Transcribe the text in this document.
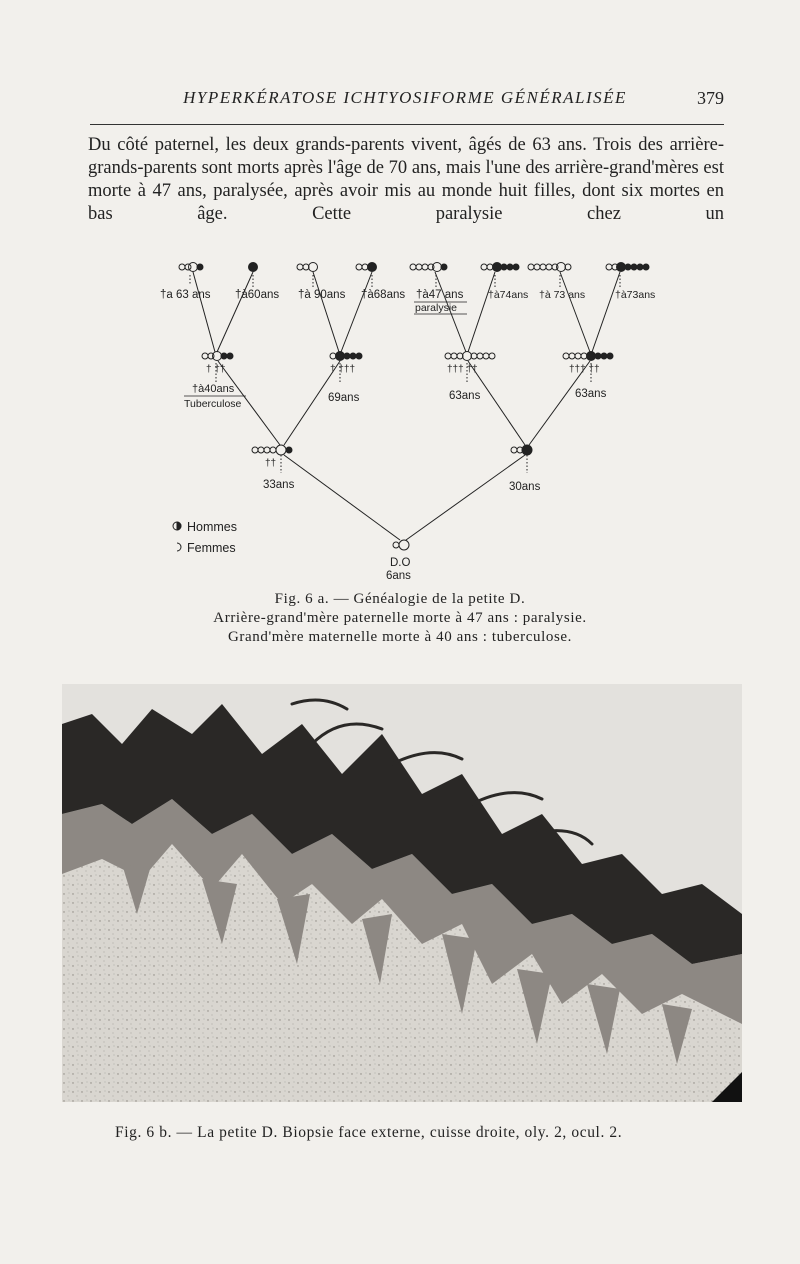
HYPERKÉRATOSE ICHTYOSIFORME GÉNÉRALISÉE	379

Du côté paternel, les deux grands-parents vivent, âgés de 63 ans. Trois des arrière-grands-parents sont morts après l'âge de 70 ans, mais l'une des arrière-grand'mères est morte à 47 ans, paralysée, après avoir mis au monde huit filles, dont six mortes en bas âge. Cette paralysie chez un

†a 63 ans †à60ans †à 90ans †à68ans †à47 ans
paralysie
†à74ans †à 73 ans	†à73ans
† ††
†à40ans
Tuberculose
† †††
69ans
††† ††
63ans
††† ††
63ans
††
33ans	30ans
D.O
6ans
Hommes
Femmes
Fig. 6 a. — Généalogie de la petite D.
Arrière-grand'mère paternelle morte à 47 ans : paralysie.
Grand'mère maternelle morte à 40 ans : tuberculose.
Fig. 6 b. — La petite D. Biopsie face externe, cuisse droite, oly. 2, ocul. 2.
